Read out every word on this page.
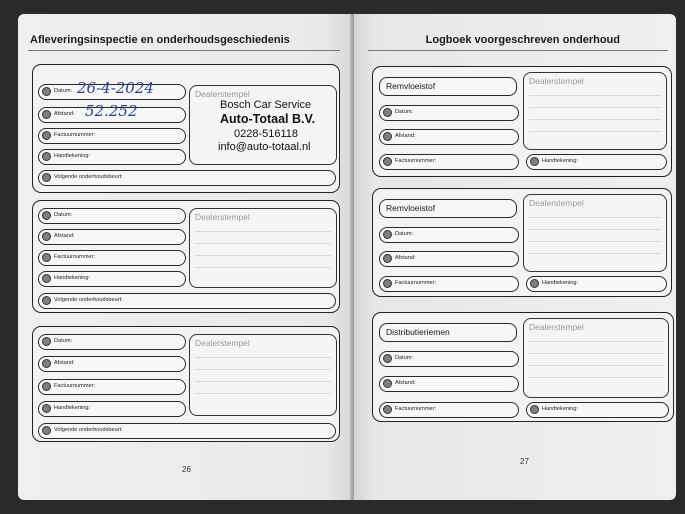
Afleveringsinspectie en onderhoudsgeschiedenis
Datum: 26-4-2024
Afstand: 52.252
Factuurnummer:
Handtekening:
Volgende onderhoudsbeurt:
Dealerstempel
Bosch Car Service
Auto-Totaal B.V.
0228-516118
info@auto-totaal.nl
Datum:
Afstand:
Factuurnummer:
Handtekening:
Volgende onderhoudsbeurt:
Dealerstempel
Datum:
Afstand:
Factuurnummer:
Handtekening:
Volgende onderhoudsbeurt:
Dealerstempel
26
Logboek voorgeschreven onderhoud
Remvloeistof
Datum:
Afstand:
Factuurnummer:	Handtekening:
Dealerstempel
Remvloeistof
Datum:
Afstand:
Factuurnummer:	Handtekening:
Dealerstempel
Distributieriemen
Datum:
Afstand:
Factuurnummer:	Handtekening:
Dealerstempel
27
